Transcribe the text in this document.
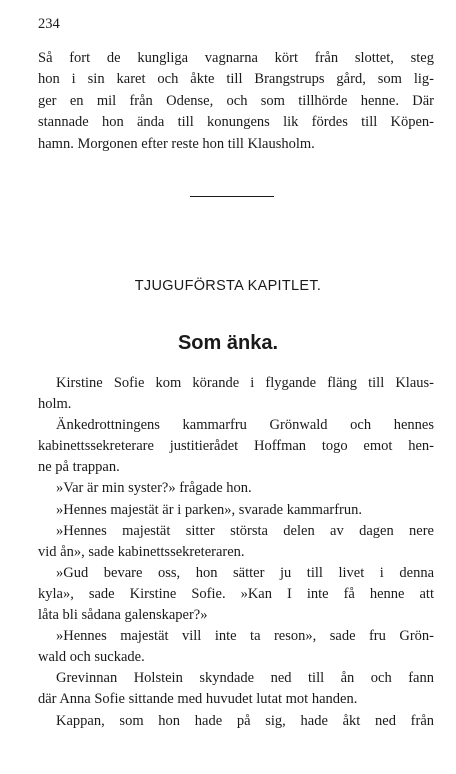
234

Så fort de kungliga vagnarna kört från slottet, steg
hon i sin karet och åkte till Brangstrups gård, som lig-
ger en mil från Odense, och som tillhörde henne. Där
stannade hon ända till konungens lik fördes till Köpen-
hamn. Morgonen efter reste hon till Klausholm.

TJUGUFÖRSTA KAPITLET.
Som änka.
Kirstine Sofie kom körande i flygande fläng till Klaus-
holm.
Änkedrottningens kammarfru Grönwald och hennes
kabinettssekreterare justitierådet Hoffman togo emot hen-
ne på trappan.
»Var är min syster?» frågade hon.
»Hennes majestät är i parken», svarade kammarfrun.
»Hennes majestät sitter största delen av dagen nere
vid ån», sade kabinettssekreteraren.
»Gud bevare oss, hon sätter ju till livet i denna
kyla», sade Kirstine Sofie. »Kan I inte få henne att
låta bli sådana galenskaper?»
»Hennes majestät vill inte ta reson», sade fru Grön-
wald och suckade.
Grevinnan Holstein skyndade ned till ån och fann
där Anna Sofie sittande med huvudet lutat mot handen.
Kappan, som hon hade på sig, hade åkt ned från
